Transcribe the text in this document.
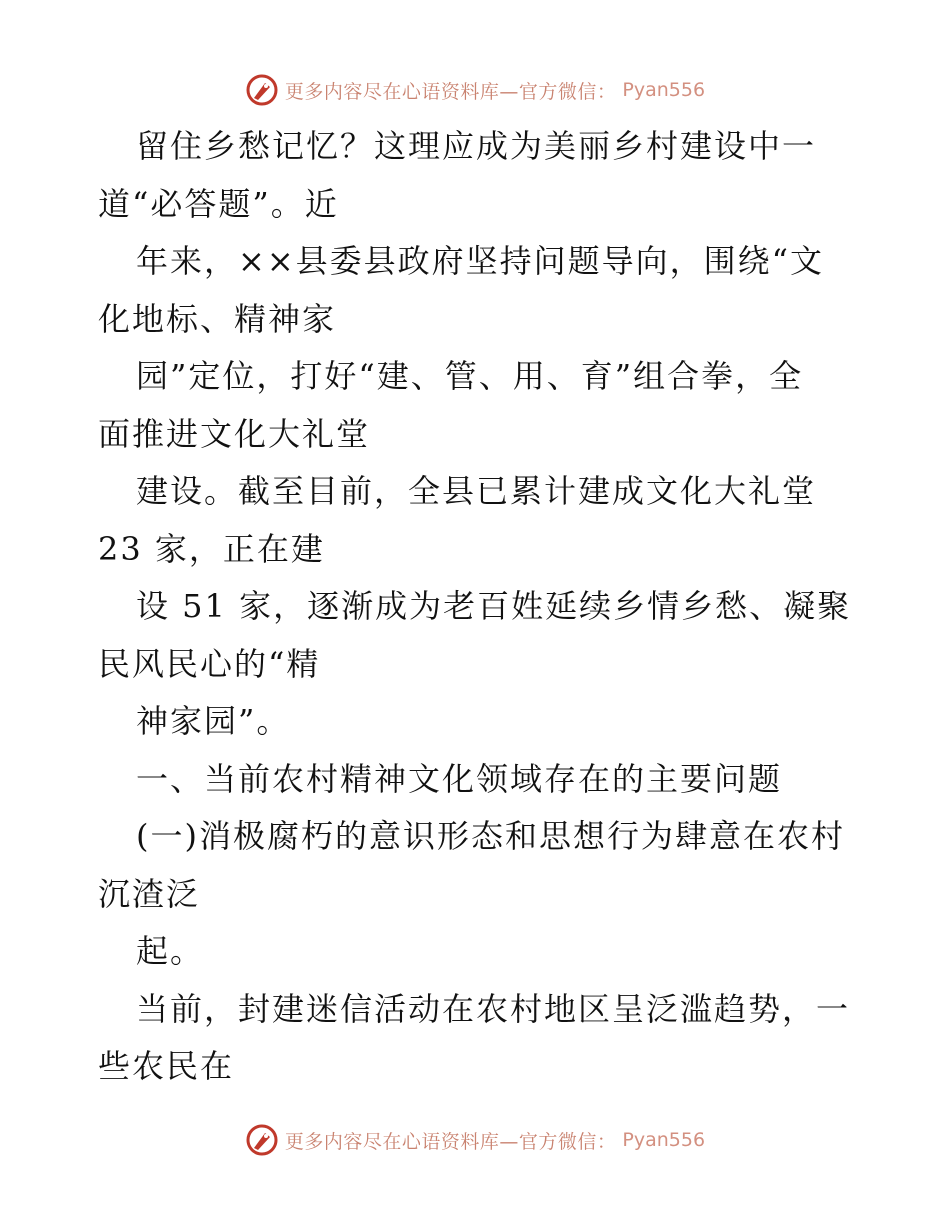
更多内容尽在心语资料库—官方微信： Pyan556
留住乡愁记忆？这理应成为美丽乡村建设中一
道“必答题”。近
年来，××县委县政府坚持问题导向，围绕“文
化地标、精神家
园”定位，打好“建、管、用、育”组合拳，全
面推进文化大礼堂
建设。截至目前，全县已累计建成文化大礼堂
23 家，正在建
设 51 家，逐渐成为老百姓延续乡情乡愁、凝聚
民风民心的“精
神家园”。
一、当前农村精神文化领域存在的主要问题
(一)消极腐朽的意识形态和思想行为肆意在农村
沉渣泛
起。
当前，封建迷信活动在农村地区呈泛滥趋势，一
些农民在
更多内容尽在心语资料库—官方微信： Pyan556
